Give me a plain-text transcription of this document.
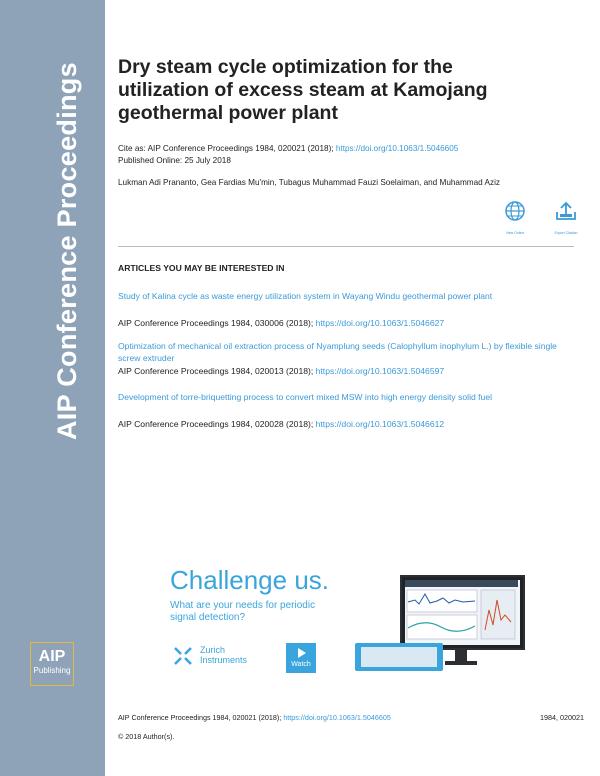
AIP Conference Proceedings
AIP
Publishing
Dry steam cycle optimization for the utilization of excess steam at Kamojang geothermal power plant
Cite as: AIP Conference Proceedings 1984, 020021 (2018); https://doi.org/10.1063/1.5046605
Published Online: 25 July 2018
Lukman Adi Prananto, Gea Fardias Mu'min, Tubagus Muhammad Fauzi Soelaiman, and Muhammad Aziz
View Online	Export Citation
ARTICLES YOU MAY BE INTERESTED IN
Study of Kalina cycle as waste energy utilization system in Wayang Windu geothermal power plant
AIP Conference Proceedings 1984, 030006 (2018); https://doi.org/10.1063/1.5046627
Optimization of mechanical oil extraction process of Nyamplung seeds (Calophyllum inophylum L.) by flexible single screw extruder
AIP Conference Proceedings 1984, 020013 (2018); https://doi.org/10.1063/1.5046597
Development of torre-briquetting process to convert mixed MSW into high energy density solid fuel
AIP Conference Proceedings 1984, 020028 (2018); https://doi.org/10.1063/1.5046612
Challenge us.
What are your needs for periodic
signal detection?
Zurich
Instruments	Watch
AIP Conference Proceedings 1984, 020021 (2018); https://doi.org/10.1063/1.5046605	1984, 020021
© 2018 Author(s).
